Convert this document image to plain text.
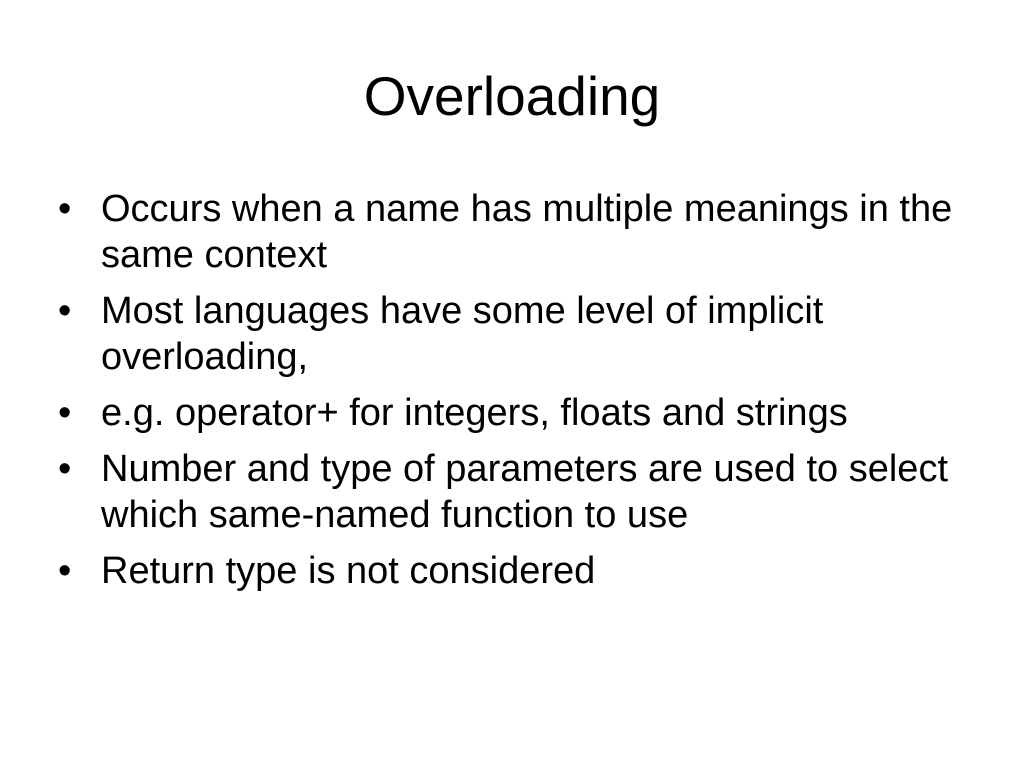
Overloading
• Occurs when a name has multiple meanings in the same context
• Most languages have some level of implicit overloading,
• e.g. operator+ for integers, floats and strings
• Number and type of parameters are used to select which same-named function to use
• Return type is not considered
